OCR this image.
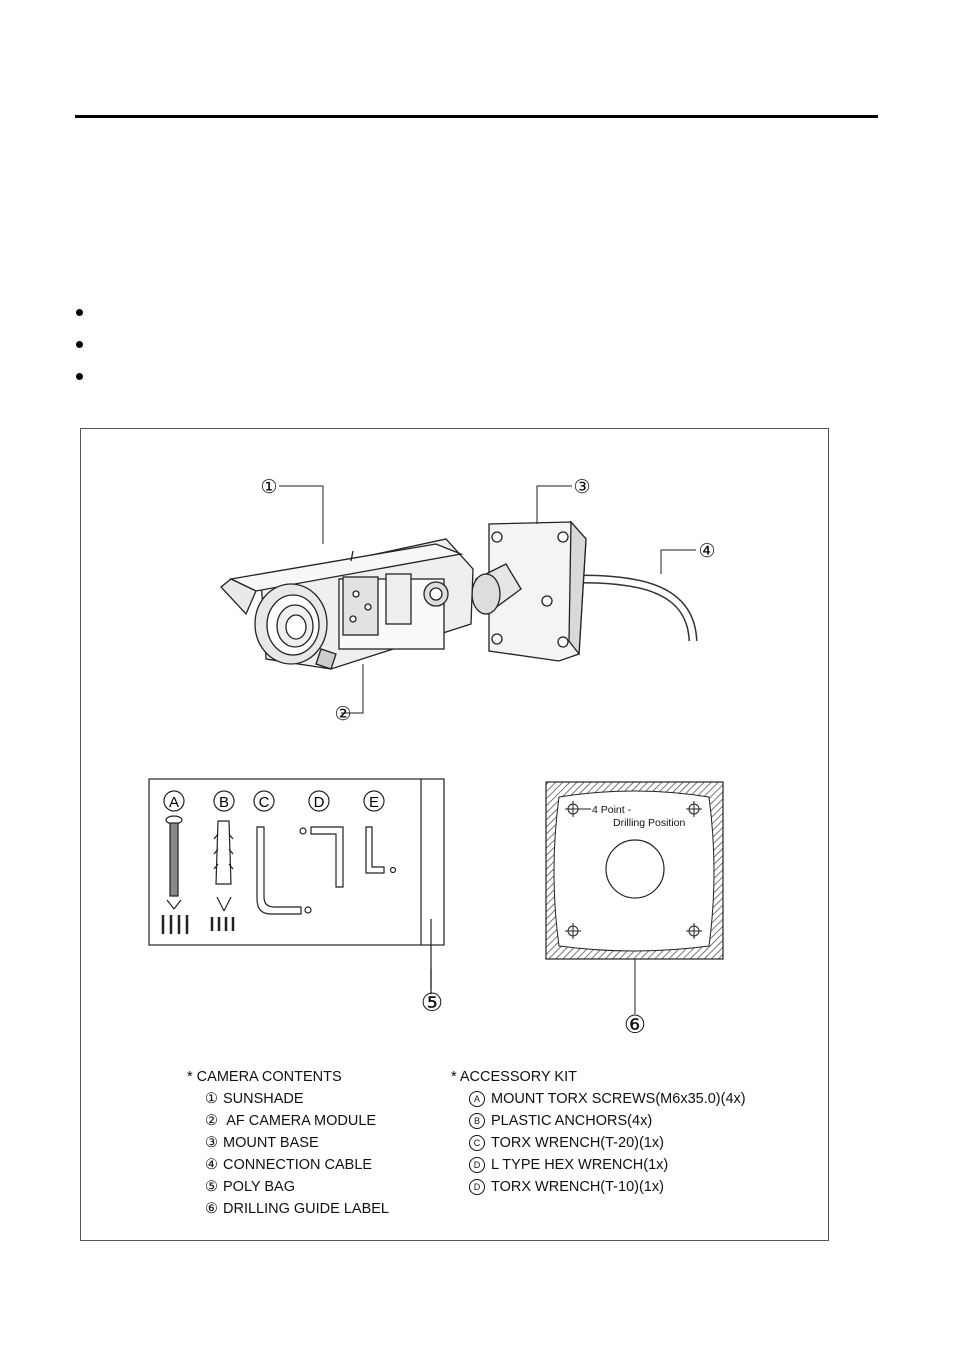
A	B C	D	E	4 Point -
Drilling Position
①
②
③
④
⑤
⑥
* CAMERA CONTENTS
① SUNSHADE
② AF CAMERA MODULE
③ MOUNT BASE
④ CONNECTION CABLE
⑤ POLY BAG
⑥ DRILLING GUIDE LABEL
* ACCESSORY KIT
A MOUNT TORX SCREWS(M6x35.0)(4x)
B PLASTIC ANCHORS(4x)
C TORX WRENCH(T-20)(1x)
D L TYPE HEX WRENCH(1x)
D TORX WRENCH(T-10)(1x)
